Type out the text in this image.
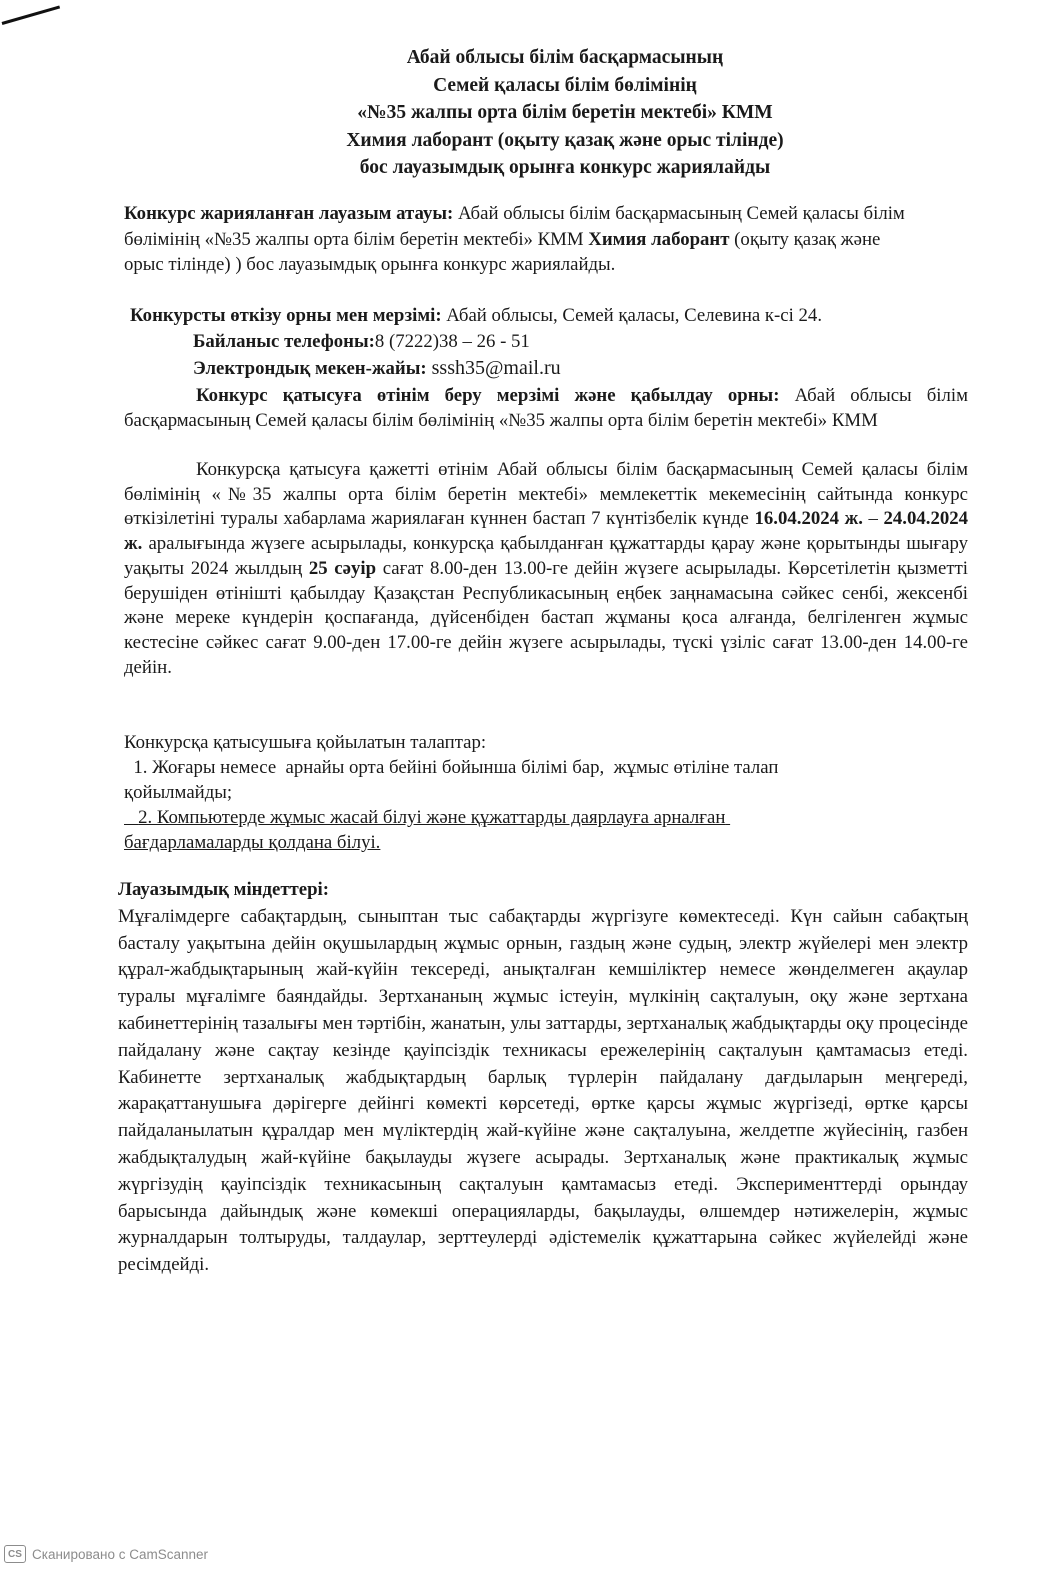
Абай облысы білім басқармасының
Семей қаласы білім бөлімінің
«№35 жалпы орта білім беретін мектебі» КММ
Химия лаборант (оқыту қазақ және орыс тілінде)
бос лауазымдық орынға конкурс жариялайды
Конкурс жарияланған лауазым атауы: Абай облысы білім басқармасының Семей қаласы білім бөлімінің «№35 жалпы орта білім беретін мектебі» КММ Химия лаборант (оқыту қазақ және орыс тілінде) ) бос лауазымдық орынға конкурс жариялайды.
Конкурсты өткізу орны мен мерзімі: Абай облысы, Семей қаласы, Селевина к-сі 24.
Байланыс телефоны:8 (7222)38 – 26 - 51
Электрондық мекен-жайы: sssh35@mail.ru
Конкурс қатысуға өтінім беру мерзімі және қабылдау орны: Абай облысы білім басқармасының Семей қаласы білім бөлімінің «№35 жалпы орта білім беретін мектебі» КММ
Конкурсқа қатысуға қажетті өтінім Абай облысы білім басқармасының Семей қаласы білім бөлімінің «№35 жалпы орта білім беретін мектебі» мемлекеттік мекемесінің сайтында конкурс өткізілетіні туралы хабарлама жариялаған күннен бастап 7 күнтізбелік күнде 16.04.2024 ж. – 24.04.2024 ж. аралығында жүзеге асырылады, конкурсқа қабылданған құжаттарды қарау және қорытынды шығару уақыты 2024 жылдың 25 сәуір сағат 8.00-ден 13.00-ге дейін жүзеге асырылады. Көрсетілетін қызметті берушіден өтінішті қабылдау Қазақстан Республикасының еңбек заңнамасына сәйкес сенбі, жексенбі және мереке күндерін қоспағанда, дүйсенбіден бастап жұманы қоса алғанда, белгіленген жұмыс кестесіне сәйкес сағат 9.00-ден 17.00-ге дейін жүзеге асырылады, түскі үзіліс сағат 13.00-ден 14.00-ге дейін.
Конкурсқа қатысушыға қойылатын талаптар:
1. Жоғары немесе  арнайы орта бейіні бойынша білімі бар,  жұмыс өтіліне талап қойылмайды;
2. Компьютерде жұмыс жасай білуі және құжаттарды даярлауға арналған бағдарламаларды қолдана білуі.
Лауазымдық міндеттері:
Мұғалімдерге сабақтардың, сыныптан тыс сабақтарды жүргізуге көмектеседі. Күн сайын сабақтың басталу уақытына дейін оқушылардың жұмыс орнын, газдың және судың, электр жүйелері мен электр құрал-жабдықтарының жай-күйін тексереді, анықталған кемшіліктер немесе жөнделмеген ақаулар туралы мұғалімге баяндайды. Зертхананың жұмыс істеуін, мүлкінің сақталуын, оқу және зертхана кабинеттерінің тазалығы мен тәртібін, жанатын, улы заттарды, зертханалық жабдықтарды оқу процесінде пайдалану және сақтау кезінде қауіпсіздік техникасы ережелерінің сақталуын қамтамасыз етеді. Кабинетте зертханалық жабдықтардың барлық түрлерін пайдалану дағдыларын меңгереді, жарақаттанушыға дәрігерге дейінгі көмекті көрсетеді, өртке қарсы жұмыс жүргізеді, өртке қарсы пайдаланылатын құралдар мен мүліктердің жай-күйіне және сақталуына, желдетпе жүйесінің, газбен жабдықталудың жай-күйіне бақылауды жүзеге асырады. Зертханалық және практикалық жұмыс жүргізудің қауіпсіздік техникасының сақталуын қамтамасыз етеді. Эксперименттерді орындау барысында дайындық және көмекші операцияларды, бақылауды, өлшемдер нәтижелерін, жұмыс журналдарын толтыруды, талдаулар, зерттеулерді әдістемелік құжаттарына сәйкес жүйелейді және ресімдейді.
CS Сканировано с CamScanner
